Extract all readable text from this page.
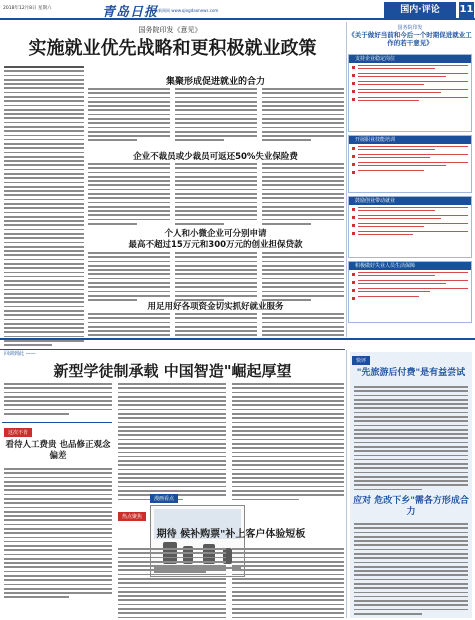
2018年12月8日 星期六	青岛日报
青岛新闻网 www.qingdaonews.com	国内·评论	11
国务院印发《意见》
实施就业优先战略和更积极就业政策
集聚形成促进就业的合力
企业不裁员或少裁员可返还50%失业保险费
个人和小微企业可分别申请
最高不超过15万元和300万元的创业担保贷款
用足用好各项资金切实抓好就业服务
国务院印发
《关于做好当前和今后一个时期促进就业工作的若干意见》
支持企业稳定岗位
开展职业技能培训
鼓励创业带动就业
积极做好失业人员生活保障
回调到此 ——
新型学徒制承载 中国智造"崛起厚望
这次不肯
看待人工费贵 也品修正观念偏差
漫画看点
热点聚焦
期待 候补购票"补上客户体验短板
快评
"先旅游后付费"是有益尝试
应对 危改下乡"需各方形成合力
